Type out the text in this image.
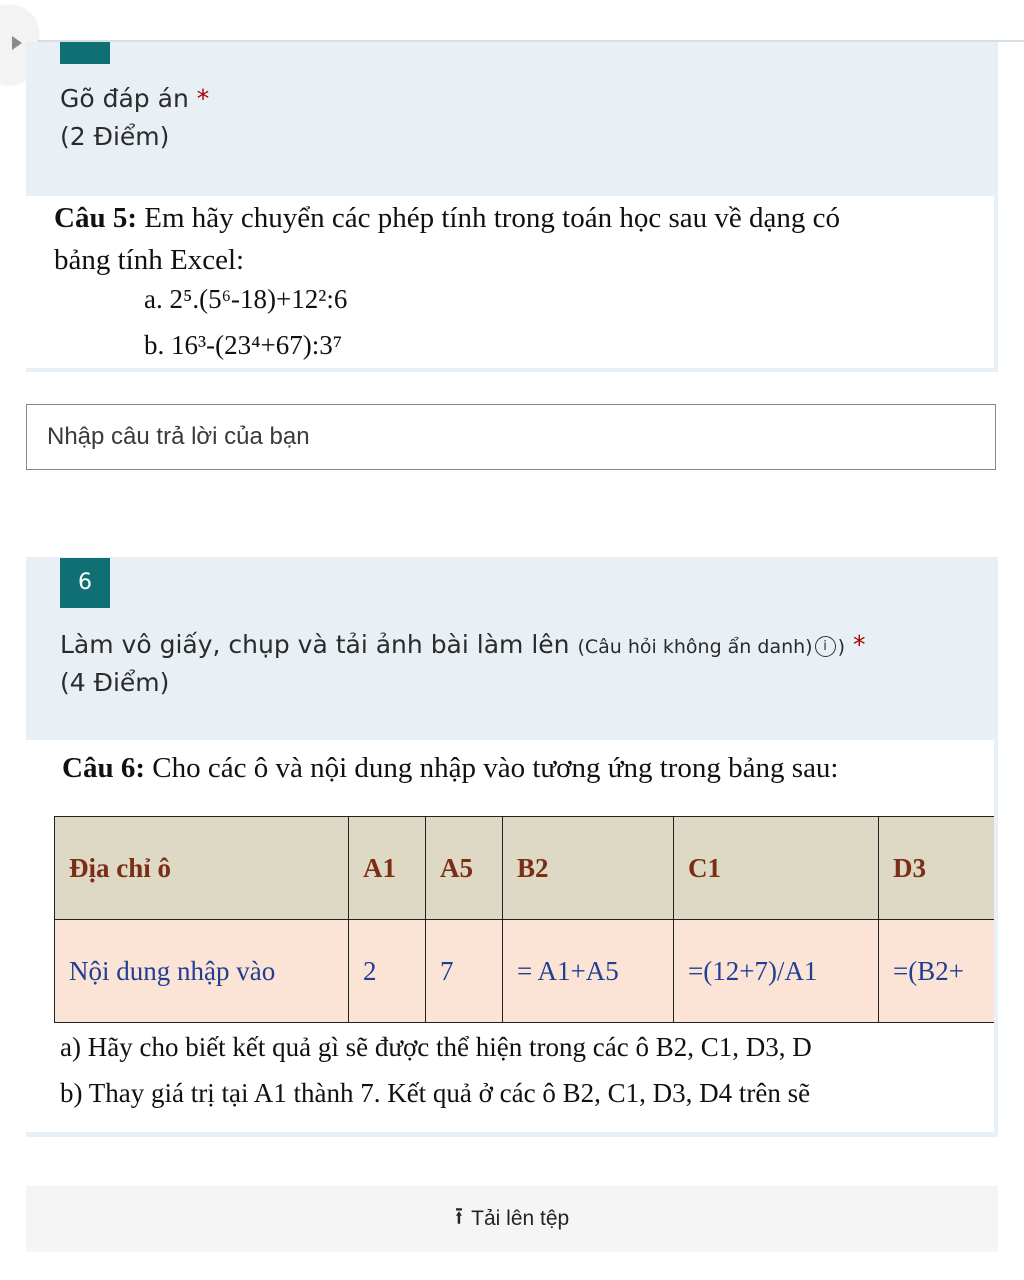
Gõ đáp án *
(2 Điểm)
Câu 5: Em hãy chuyển các phép tính trong toán học sau về dạng có
bảng tính Excel:
a. 2⁵.(5⁶-18)+12²:6
b. 16³-(23⁴+67):3⁷
Nhập câu trả lời của bạn
6
Làm vô giấy, chụp và tải ảnh bài làm lên (Câu hỏi không ẩn danh) i ) *
(4 Điểm)
Câu 6: Cho các ô và nội dung nhập vào tương ứng trong bảng sau:
Địa chỉ ô	A1	A5	B2	C1	D3
Nội dung nhập vào	2	7	= A1+A5	=(12+7)/A1	=(B2+
a) Hãy cho biết kết quả gì sẽ được thể hiện trong các ô B2, C1, D3, D
b) Thay giá trị tại A1 thành 7. Kết quả ở các ô B2, C1, D3, D4 trên sẽ
⭱ Tải lên tệp
